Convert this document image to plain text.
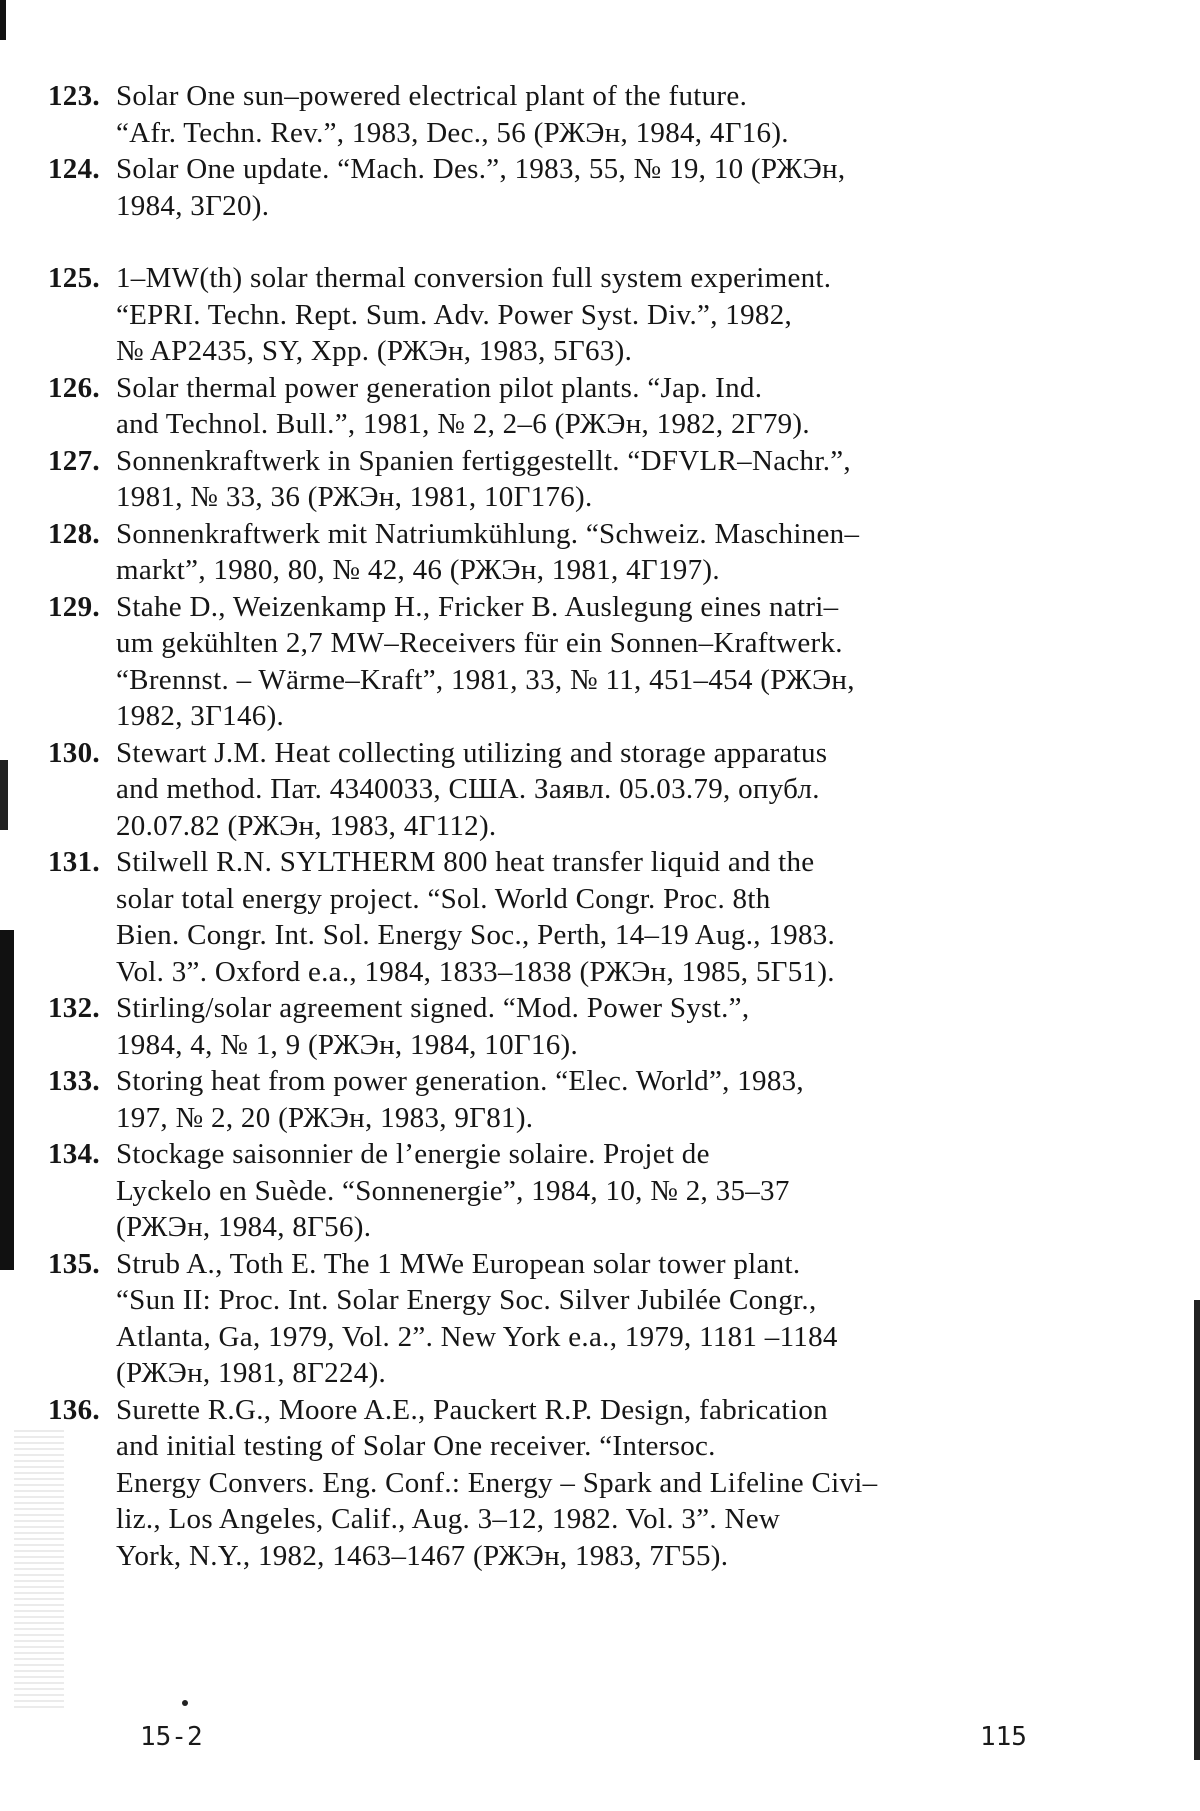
123. Solar One sun–powered electrical plant of the future.
“Afr. Techn. Rev.”, 1983, Dec., 56 (РЖЭн, 1984, 4Г16).
124. Solar One update. “Mach. Des.”, 1983, 55, № 19, 10 (РЖЭн,
1984, 3Г20).
125. 1–MW(th) solar thermal conversion full system experiment.
“EPRI. Techn. Rept. Sum. Adv. Power Syst. Div.”, 1982,
№ AP2435, SY, Xpp. (РЖЭн, 1983, 5Г63).
126. Solar thermal power generation pilot plants. “Jap. Ind.
and Technol. Bull.”, 1981, № 2, 2–6 (РЖЭн, 1982, 2Г79).
127. Sonnenkraftwerk in Spanien fertiggestellt. “DFVLR–Nachr.”,
1981, № 33, 36 (РЖЭн, 1981, 10Г176).
128. Sonnenkraftwerk mit Natriumkühlung. “Schweiz. Maschinen–
markt”, 1980, 80, № 42, 46 (РЖЭн, 1981, 4Г197).
129. Stahe D., Weizenkamp H., Fricker B. Auslegung eines natri–
um gekühlten 2,7 MW–Receivers für ein Sonnen–Kraftwerk.
“Brennst. – Wärme–Kraft”, 1981, 33, № 11, 451–454 (РЖЭн,
1982, 3Г146).
130. Stewart J.M. Heat collecting utilizing and storage apparatus
and method. Пат. 4340033, США. Заявл. 05.03.79, опубл.
20.07.82 (РЖЭн, 1983, 4Г112).
131. Stilwell R.N. SYLTHERM 800 heat transfer liquid and the
solar total energy project. “Sol. World Congr. Proc. 8th
Bien. Congr. Int. Sol. Energy Soc., Perth, 14–19 Aug., 1983.
Vol. 3”. Oxford e.a., 1984, 1833–1838 (РЖЭн, 1985, 5Г51).
132. Stirling/solar agreement signed. “Mod. Power Syst.”,
1984, 4, № 1, 9 (РЖЭн, 1984, 10Г16).
133. Storing heat from power generation. “Elec. World”, 1983,
197, № 2, 20 (РЖЭн, 1983, 9Г81).
134. Stockage saisonnier de l’energie solaire. Projet de
Lyckelo en Suède. “Sonnenergie”, 1984, 10, № 2, 35–37
(РЖЭн, 1984, 8Г56).
135. Strub A., Toth E. The 1 MWe European solar tower plant.
“Sun II: Proc. Int. Solar Energy Soc. Silver Jubilée Congr.,
Atlanta, Ga, 1979, Vol. 2”. New York e.a., 1979, 1181 –1184
(РЖЭн, 1981, 8Г224).
136. Surette R.G., Moore A.E., Pauckert R.P. Design, fabrication
and initial testing of Solar One receiver. “Intersoc.
Energy Convers. Eng. Conf.: Energy – Spark and Lifeline Civi–
liz., Los Angeles, Calif., Aug. 3–12, 1982. Vol. 3”. New
York, N.Y., 1982, 1463–1467 (РЖЭн, 1983, 7Г55).
15-2	115
